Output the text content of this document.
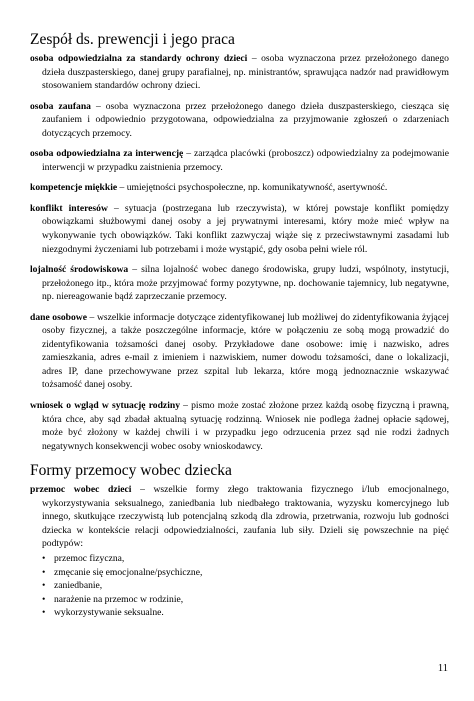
Zespół ds. prewencji i jego praca

osoba odpowiedzialna za standardy ochrony dzieci – osoba wyznaczona przez przełożonego danego dzieła duszpasterskiego, danej grupy parafialnej, np. ministrantów, sprawująca nadzór nad prawidłowym stosowaniem standardów ochrony dzieci.

osoba zaufana – osoba wyznaczona przez przełożonego danego dzieła duszpasterskiego, ciesząca się zaufaniem i odpowiednio przygotowana, odpowiedzialna za przyjmowanie zgłoszeń o zdarzeniach dotyczących przemocy.

osoba odpowiedzialna za interwencję – zarządca placówki (proboszcz) odpowiedzialny za podejmowanie interwencji w przypadku zaistnienia przemocy.

kompetencje miękkie – umiejętności psychospołeczne, np. komunikatywność, asertywność.

konflikt interesów – sytuacja (postrzegana lub rzeczywista), w której powstaje konflikt pomiędzy obowiązkami służbowymi danej osoby a jej prywatnymi interesami, który może mieć wpływ na wykonywanie tych obowiązków. Taki konflikt zazwyczaj wiąże się z przeciwstawnymi zasadami lub niezgodnymi życzeniami lub potrzebami i może wystąpić, gdy osoba pełni wiele ról.

lojalność środowiskowa – silna lojalność wobec danego środowiska, grupy ludzi, wspólnoty, instytucji, przełożonego itp., która może przyjmować formy pozytywne, np. dochowanie tajemnicy, lub negatywne, np. niereagowanie bądź zaprzeczanie przemocy.

dane osobowe – wszelkie informacje dotyczące zidentyfikowanej lub możliwej do zidentyfikowania żyjącej osoby fizycznej, a także poszczególne informacje, które w połączeniu ze sobą mogą prowadzić do zidentyfikowania tożsamości danej osoby. Przykładowe dane osobowe: imię i nazwisko, adres zamieszkania, adres e-mail z imieniem i nazwiskiem, numer dowodu tożsamości, dane o lokalizacji, adres IP, dane przechowywane przez szpital lub lekarza, które mogą jednoznacznie wskazywać tożsamość danej osoby.

wniosek o wgląd w sytuację rodziny – pismo może zostać złożone przez każdą osobę fizyczną i prawną, która chce, aby sąd zbadał aktualną sytuację rodzinną. Wniosek nie podlega żadnej opłacie sądowej, może być złożony w każdej chwili i w przypadku jego odrzucenia przez sąd nie rodzi żadnych negatywnych konsekwencji wobec osoby wnioskodawcy.

Formy przemocy wobec dziecka

przemoc wobec dzieci – wszelkie formy złego traktowania fizycznego i/lub emocjonalnego, wykorzystywania seksualnego, zaniedbania lub niedbałego traktowania, wyzysku komercyjnego lub innego, skutkujące rzeczywistą lub potencjalną szkodą dla zdrowia, przetrwania, rozwoju lub godności dziecka w kontekście relacji odpowiedzialności, zaufania lub siły. Dzieli się powszechnie na pięć podtypów:

• przemoc fizyczna,
• zmęcanie się emocjonalne/psychiczne,
• zaniedbanie,
• narażenie na przemoc w rodzinie,
• wykorzystywanie seksualne.
11
